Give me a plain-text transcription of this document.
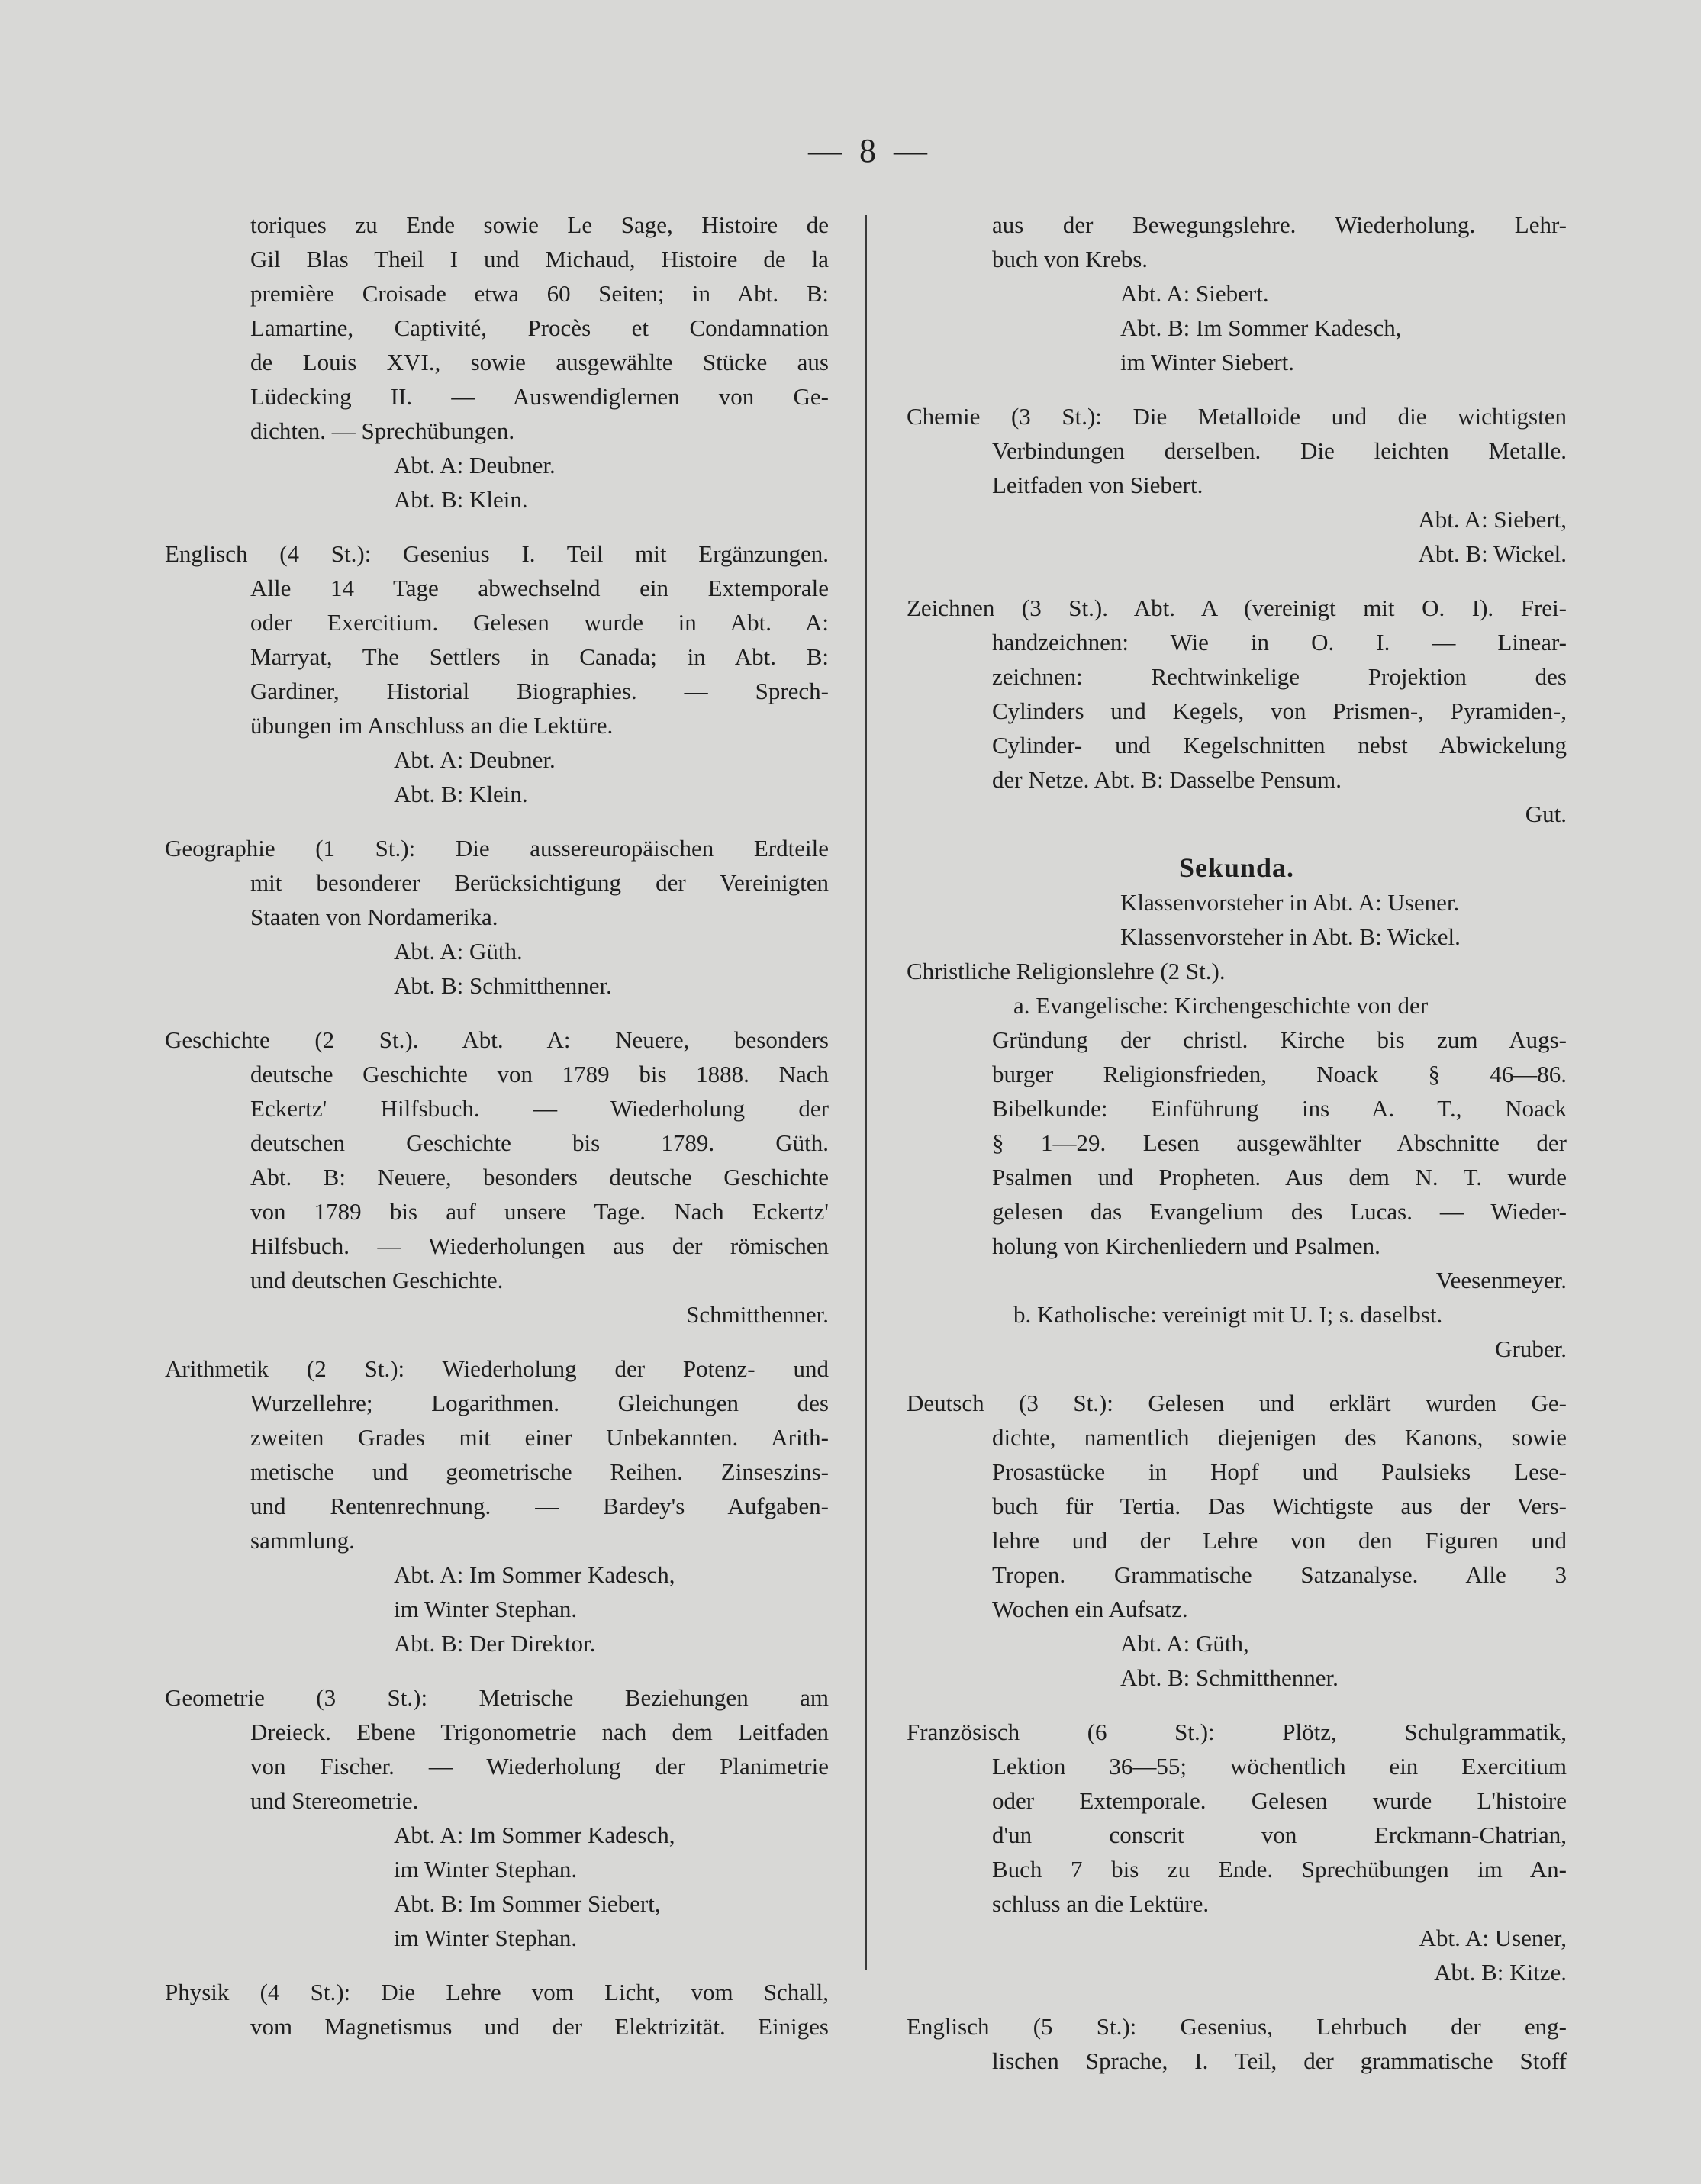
— 8 —
toriques zu Ende sowie Le Sage, Histoire de
Gil Blas Theil I und Michaud, Histoire de la
première Croisade etwa 60 Seiten; in Abt. B:
Lamartine, Captivité, Procès et Condamnation
de Louis XVI., sowie ausgewählte Stücke aus
Lüdecking II. — Auswendiglernen von Ge-
dichten. — Sprechübungen.
Abt. A: Deubner.
Abt. B: Klein.
Englisch (4 St.): Gesenius I. Teil mit Ergänzungen.
Alle 14 Tage abwechselnd ein Extemporale
oder Exercitium. Gelesen wurde in Abt. A:
Marryat, The Settlers in Canada; in Abt. B:
Gardiner, Historial Biographies. — Sprech-
übungen im Anschluss an die Lektüre.
Abt. A: Deubner.
Abt. B: Klein.
Geographie (1 St.): Die aussereuropäischen Erdteile
mit besonderer Berücksichtigung der Vereinigten
Staaten von Nordamerika.
Abt. A: Güth.
Abt. B: Schmitthenner.
Geschichte (2 St.). Abt. A: Neuere, besonders
deutsche Geschichte von 1789 bis 1888. Nach
Eckertz' Hilfsbuch. — Wiederholung der
deutschen Geschichte bis 1789. Güth.
Abt. B: Neuere, besonders deutsche Geschichte
von 1789 bis auf unsere Tage. Nach Eckertz'
Hilfsbuch. — Wiederholungen aus der römischen
und deutschen Geschichte.
Schmitthenner.
Arithmetik (2 St.): Wiederholung der Potenz- und
Wurzellehre; Logarithmen. Gleichungen des
zweiten Grades mit einer Unbekannten. Arith-
metische und geometrische Reihen. Zinseszins-
und Rentenrechnung. — Bardey's Aufgaben-
sammlung.
Abt. A: Im Sommer Kadesch,
im Winter Stephan.
Abt. B: Der Direktor.
Geometrie (3 St.): Metrische Beziehungen am
Dreieck. Ebene Trigonometrie nach dem Leitfaden
von Fischer. — Wiederholung der Planimetrie
und Stereometrie.
Abt. A: Im Sommer Kadesch,
im Winter Stephan.
Abt. B: Im Sommer Siebert,
im Winter Stephan.
Physik (4 St.): Die Lehre vom Licht, vom Schall,
vom Magnetismus und der Elektrizität. Einiges
aus der Bewegungslehre. Wiederholung. Lehr-
buch von Krebs.
Abt. A: Siebert.
Abt. B: Im Sommer Kadesch,
im Winter Siebert.
Chemie (3 St.): Die Metalloide und die wichtigsten
Verbindungen derselben. Die leichten Metalle.
Leitfaden von Siebert.
Abt. A: Siebert,
Abt. B: Wickel.
Zeichnen (3 St.). Abt. A (vereinigt mit O. I). Frei-
handzeichnen: Wie in O. I. — Linear-
zeichnen: Rechtwinkelige Projektion des
Cylinders und Kegels, von Prismen-, Pyramiden-,
Cylinder- und Kegelschnitten nebst Abwickelung
der Netze. Abt. B: Dasselbe Pensum.
Gut.
Sekunda.
Klassenvorsteher in Abt. A: Usener.
Klassenvorsteher in Abt. B: Wickel.
Christliche Religionslehre (2 St.).
a. Evangelische: Kirchengeschichte von der
Gründung der christl. Kirche bis zum Augs-
burger Religionsfrieden, Noack § 46—86.
Bibelkunde: Einführung ins A. T., Noack
§ 1—29. Lesen ausgewählter Abschnitte der
Psalmen und Propheten. Aus dem N. T. wurde
gelesen das Evangelium des Lucas. — Wieder-
holung von Kirchenliedern und Psalmen.
Veesenmeyer.
b. Katholische: vereinigt mit U. I; s. daselbst.
Gruber.
Deutsch (3 St.): Gelesen und erklärt wurden Ge-
dichte, namentlich diejenigen des Kanons, sowie
Prosastücke in Hopf und Paulsieks Lese-
buch für Tertia. Das Wichtigste aus der Vers-
lehre und der Lehre von den Figuren und
Tropen. Grammatische Satzanalyse. Alle 3
Wochen ein Aufsatz.
Abt. A: Güth,
Abt. B: Schmitthenner.
Französisch (6 St.): Plötz, Schulgrammatik,
Lektion 36—55; wöchentlich ein Exercitium
oder Extemporale. Gelesen wurde L'histoire
d'un conscrit von Erckmann-Chatrian,
Buch 7 bis zu Ende. Sprechübungen im An-
schluss an die Lektüre.
Abt. A: Usener,
Abt. B: Kitze.
Englisch (5 St.): Gesenius, Lehrbuch der eng-
lischen Sprache, I. Teil, der grammatische Stoff
